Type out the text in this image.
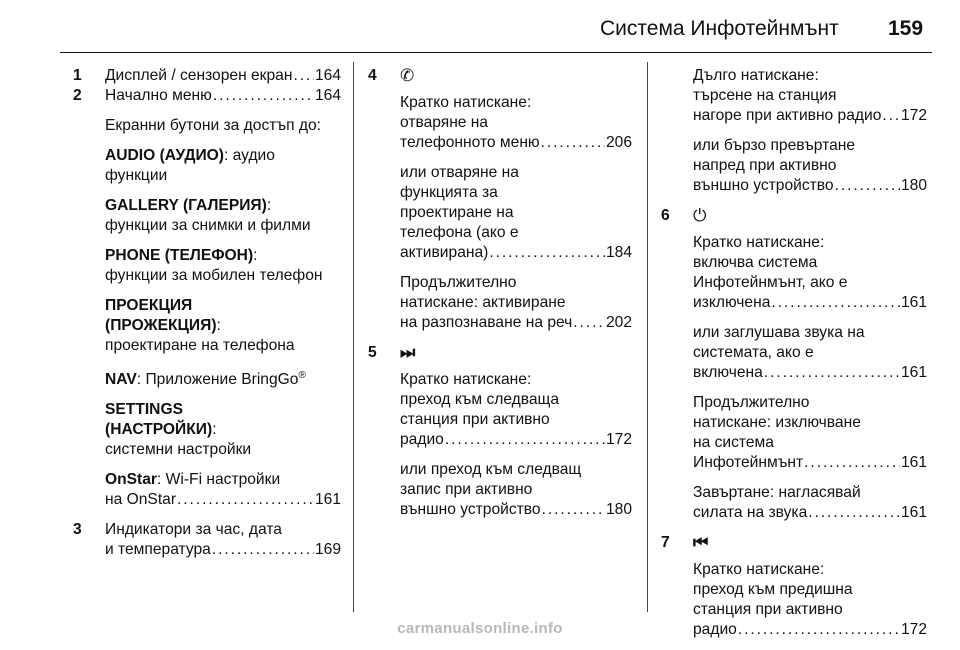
Система Инфотейнмънт 159
1 Дисплей / сензорен екран . . . 164
2 Начално меню . . .	164
Екранни бутони за достъп до:
AUDIO (АУДИО): аудио
функции
GALLERY (ГАЛЕРИЯ):
функции за снимки и филми
PHONE (ТЕЛЕФОН):
функции за мобилен телефон
ПРОЕКЦИЯ
(ПРОЖЕКЦИЯ):
проектиране на телефона
NAV: Приложение BringGo®
SETTINGS
(НАСТРОЙКИ):
системни настройки
OnStar: Wi-Fi настройки
на OnStar . . .	161
3 Индикатори за час, дата
и температура . . .	169
4 ✆
Кратко натискане:
отваряне на
телефонното меню . . .	206
или отваряне на
функцията за
проектиране на
телефона (ако е
активирана) . . .	184
Продължително
натискане: активиране
на разпознаване на реч . . . 202
5 ⏭
Кратко натискане:
преход към следваща
станция при активно
радио . . .	172
или преход към следващ
запис при активно
външно устройство . . .	180
Дълго натискане:
търсене на станция
нагоре при активно радио . . . 172
или бързо превъртане
напред при активно
външно устройство . . .	180
6 ⏻
Кратко натискане:
включва система
Инфотейнмънт, ако е
изключена . . .	161
или заглушава звука на
системата, ако е
включена . . .	161
Продължително
натискане: изключване
на система
Инфотейнмънт . . .	161
Завъртане: нагласявай
силата на звука . . .	161
7 ⏮
Кратко натискане:
преход към предишна
станция при активно
радио . . .	172
carmanualsonline.info
